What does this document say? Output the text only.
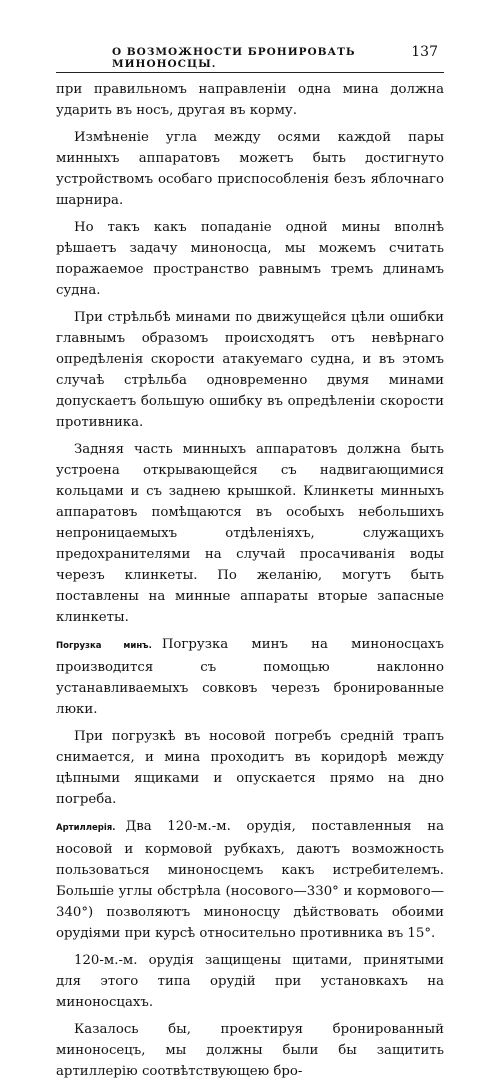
О ВОЗМОЖНОСТИ БРОНИРОВАТЬ МИНОНОСЦЫ.
137

при правильномъ направленіи одна мина должна ударить въ носъ, другая въ корму.

Измѣненіе угла между осями каждой пары минныхъ аппаратовъ можетъ быть достигнуто устройствомъ особаго приспособленія безъ яблочнаго шарнира.

Но такъ какъ попаданіе одной мины вполнѣ рѣшаетъ задачу миноносца, мы можемъ считать поражаемое пространство равнымъ тремъ длинамъ судна.

При стрѣльбѣ минами по движущейся цѣли ошибки главнымъ образомъ происходятъ отъ невѣрнаго опредѣленія скорости атакуемаго судна, и въ этомъ случаѣ стрѣльба одновременно двумя минами допускаетъ большую ошибку въ опредѣленіи скорости противника.

Задняя часть минныхъ аппаратовъ должна быть устроена открывающейся съ надвигающимися кольцами и съ заднею крышкой. Клинкеты минныхъ аппаратовъ помѣщаются въ особыхъ небольшихъ непроницаемыхъ отдѣленіяхъ, служащихъ предохранителями на случай просачиванія воды черезъ клинкеты. По желанію, могутъ быть поставлены на минные аппараты вторые запасные клинкеты.

Погрузка минъ. Погрузка минъ на миноносцахъ производится съ помощью наклонно устанавливаемыхъ совковъ черезъ бронированные люки.

При погрузкѣ въ носовой погребъ средній трапъ снимается, и мина проходитъ въ коридорѣ между цѣпными ящиками и опускается прямо на дно погреба.

Артиллерія. Два 120-м.-м. орудія, поставленныя на носовой и кормовой рубкахъ, даютъ возможность пользоваться миноносцемъ какъ истребителемъ. Большіе углы обстрѣла (носового—330° и кормового—340°) позволяютъ миноносцу дѣйствовать обоими орудіями при курсѣ относительно противника въ 15°.

120-м.-м. орудія защищены щитами, принятыми для этого типа орудій при установкахъ на миноносцахъ.

Казалось бы, проектируя бронированный миноносецъ, мы должны были бы защитить артиллерію соотвѣтствующею бро-
